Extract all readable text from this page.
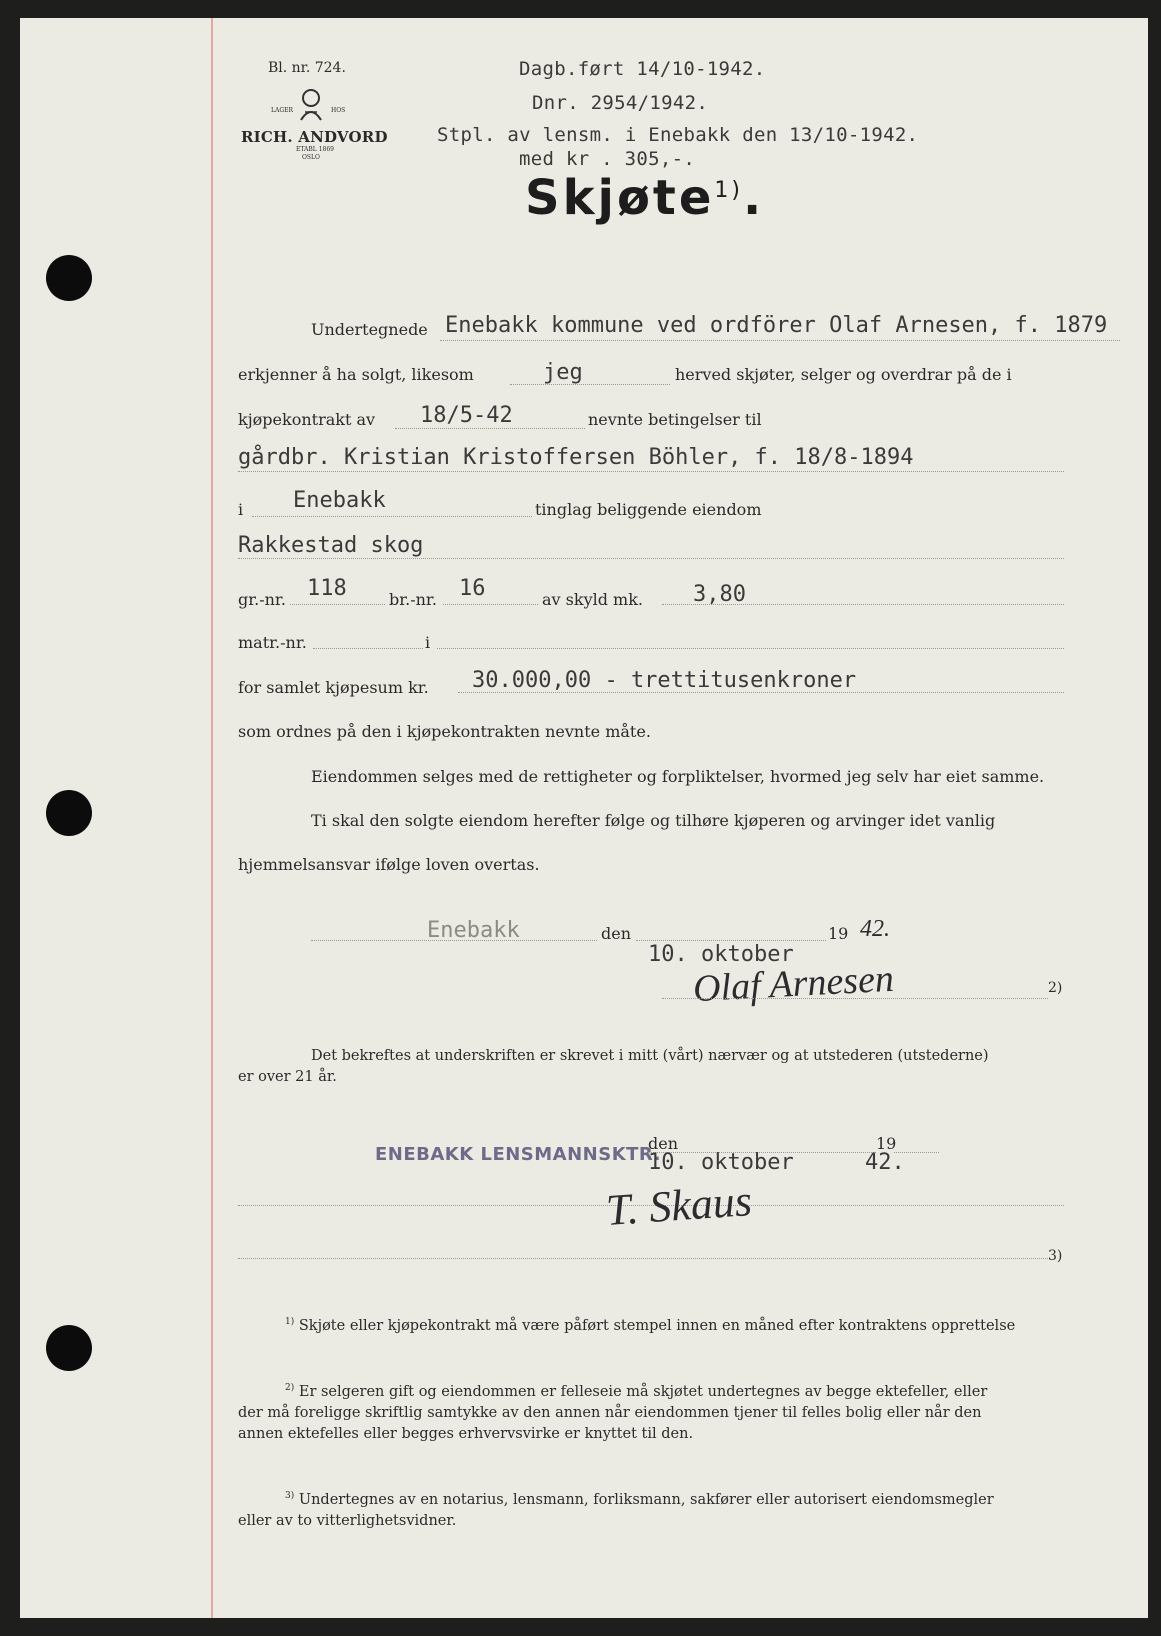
Bl. nr. 724.
LAGER	HOS
RICH. ANDVORD
ETABL 1869
OSLO
Dagb.ført 14/10-1942.
Dnr. 2954/1942.
Stpl. av lensm. i Enebakk den 13/10-1942.
med kr . 305,-.
Skjøte$^{1)}$.
Undertegnede Enebakk kommune ved ordförer Olaf Arnesen, f. 1879
erkjenner å ha solgt, likesom	jeg	herved skjøter, selger og overdrar på de i
kjøpekontrakt av 18/5-42	nevnte betingelser til
gårdbr. Kristian Kristoffersen Böhler, f. 18/8-1894
i Enebakk	tinglag beliggende eiendom
Rakkestad skog
gr.-nr. 118	br.-nr. 16	av skyld mk. 3,80
matr.-nr.	i
for samlet kjøpesum kr. 30.000,00 - trettitusenkroner
som ordnes på den i kjøpekontrakten nevnte måte.
Eiendommen selges med de rettigheter og forpliktelser, hvormed jeg selv har eiet samme.
Ti skal den solgte eiendom herefter følge og tilhøre kjøperen og arvinger idet vanlig
hjemmelsansvar ifølge loven overtas.
Enebakk	den	19 42.
10. oktober
Olaf Arnesen	2)
Det bekreftes at underskriften er skrevet i mitt (vårt) nærvær og at utstederen (utstederne)
er over 21 år.
ENEBAKK LENSMANNSKTR.
den	19
10. oktober	42.
T. Skaus
3)
$^{1)}$ Skjøte eller kjøpekontrakt må være påført stempel innen en måned efter kontraktens opprettelse
$^{2)}$ Er selgeren gift og eiendommen er felleseie må skjøtet undertegnes av begge ektefeller, eller
der må foreligge skriftlig samtykke av den annen når eiendommen tjener til felles bolig eller når den
annen ektefelles eller begges erhvervsvirke er knyttet til den.
$^{3)}$ Undertegnes av en notarius, lensmann, forliksmann, sakfører eller autorisert eiendomsmegler
eller av to vitterlighetsvidner.
